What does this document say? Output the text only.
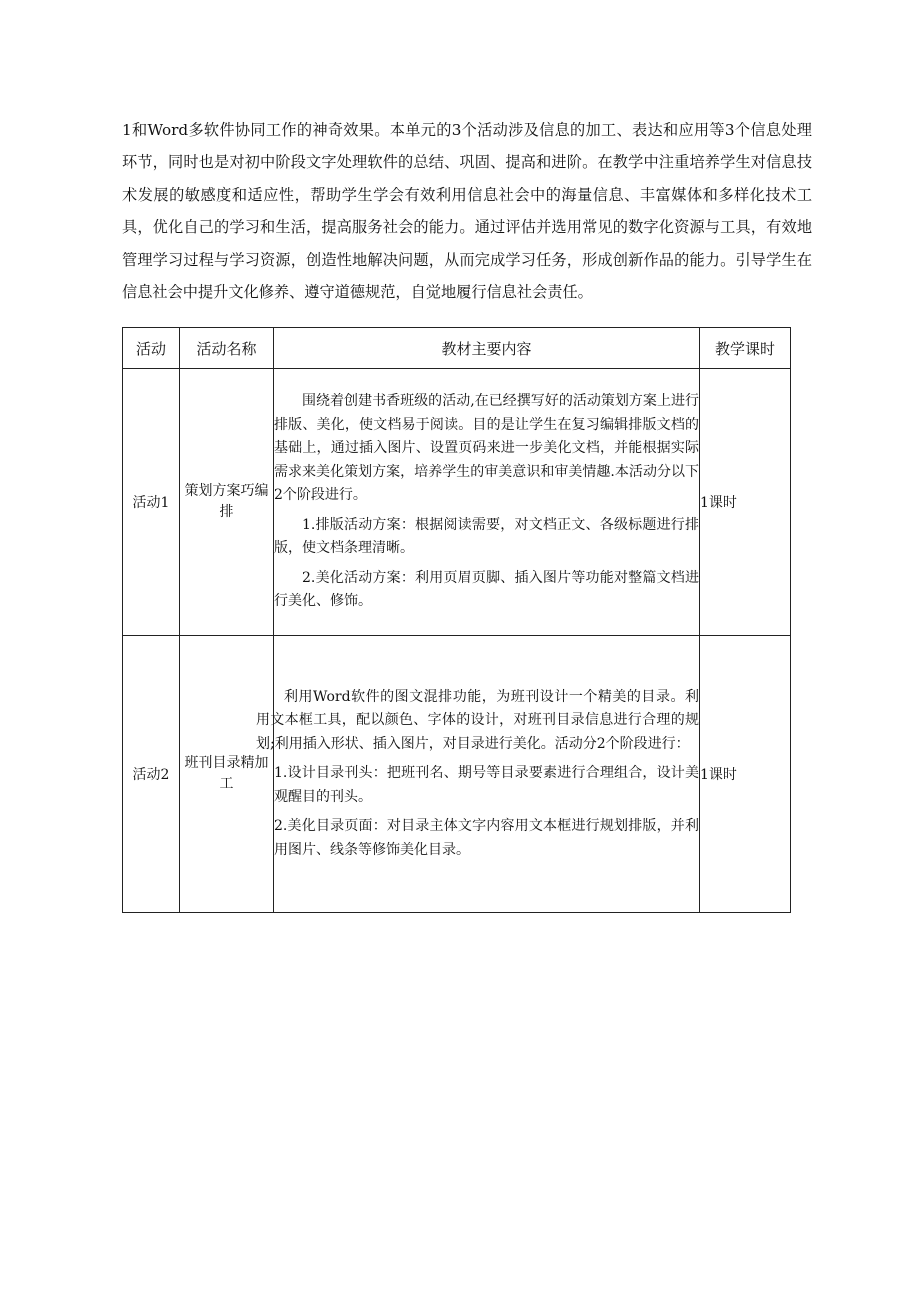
1和Word多软件协同工作的神奇效果。本单元的3个活动涉及信息的加工、表达和应用等3个信息处理环节，同时也是对初中阶段文字处理软件的总结、巩固、提高和进阶。在教学中注重培养学生对信息技术发展的敏感度和适应性，帮助学生学会有效利用信息社会中的海量信息、丰富媒体和多样化技术工具，优化自己的学习和生活，提高服务社会的能力。通过评估并选用常见的数字化资源与工具，有效地管理学习过程与学习资源，创造性地解决问题，从而完成学习任务，形成创新作品的能力。引导学生在信息社会中提升文化修养、遵守道德规范，自觉地履行信息社会责任。

活动	活动名称	教材主要内容	教学课时
活动1	策划方案巧编排	围绕着创建书香班级的活动,在已经撰写好的活动策划方案上进行排版、美化，使文档易于阅读。目的是让学生在复习编辑排版文档的基础上，通过插入图片、设置页码来进一步美化文档，并能根据实际需求来美化策划方案，培养学生的审美意识和审美情趣.本活动分以下2个阶段进行。

1.排版活动方案：根据阅读需要，对文档正文、各级标题进行排版，使文档条理清晰。

2.美化活动方案：利用页眉页脚、插入图片等功能对整篇文档进行美化、修饰。	1课时
活动2	班刊目录精加工	利用Word软件的图文混排功能，为班刊设计一个精美的目录。利用文本框工具，配以颜色、字体的设计，对班刊目录信息进行合理的规划;利用插入形状、插入图片，对目录进行美化。活动分2个阶段进行：

1.设计目录刊头：把班刊名、期号等目录要素进行合理组合，设计美观醒目的刊头。

2.美化目录页面：对目录主体文字内容用文本框进行规划排版，并利用图片、线条等修饰美化目录。	1课时
